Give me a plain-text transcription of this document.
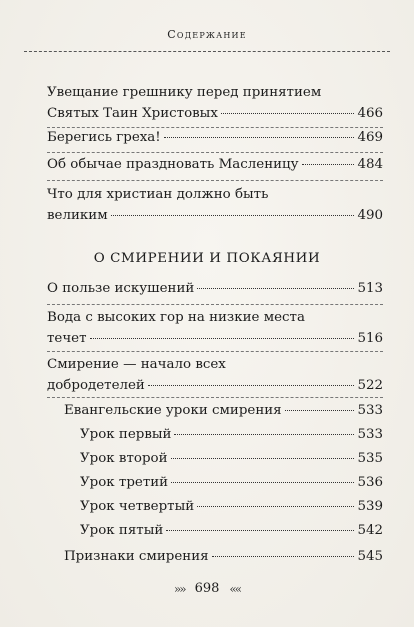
Содержание
Увещание грешнику перед принятием
Святых Таин Христовых	466
Берегись греха!	469
Об обычае праздновать Масленицу	484
Что для христиан должно быть
великим	490
О СМИРЕНИИ И ПОКАЯНИИ
О пользе искушений	513
Вода с высоких гор на низкие места
течет	516
Смирение — начало всех
добродетелей	522
Евангельские уроки смирения	533
Урок первый	533
Урок второй	535
Урок третий	536
Урок четвертый	539
Урок пятый	542
Признаки смирения	545
»» 698 ««
